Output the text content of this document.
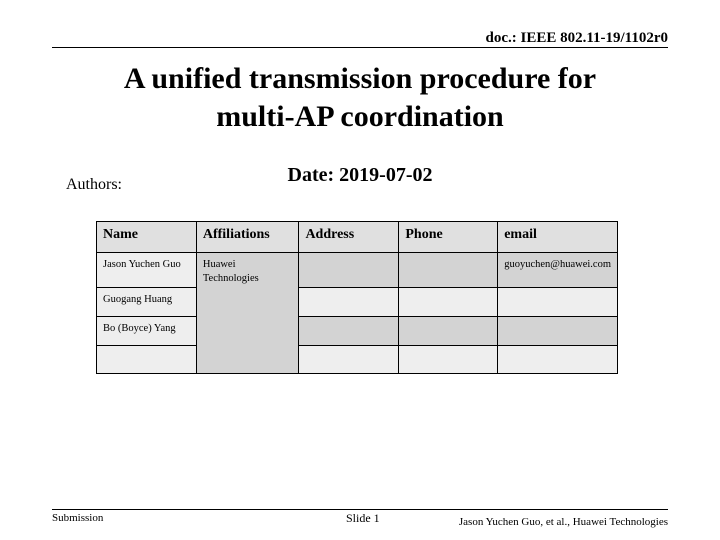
doc.: IEEE 802.11-19/1102r0
A unified transmission procedure for
multi-AP coordination
Date: 2019-07-02
Authors:
Name	Affiliations	Address	Phone	email
Jason Yuchen Guo	Huawei Technologies			guoyuchen@huawei.com
Guogang Huang				
Bo (Boyce) Yang				

Submission	Slide 1	Jason Yuchen Guo, et al., Huawei Technologies
